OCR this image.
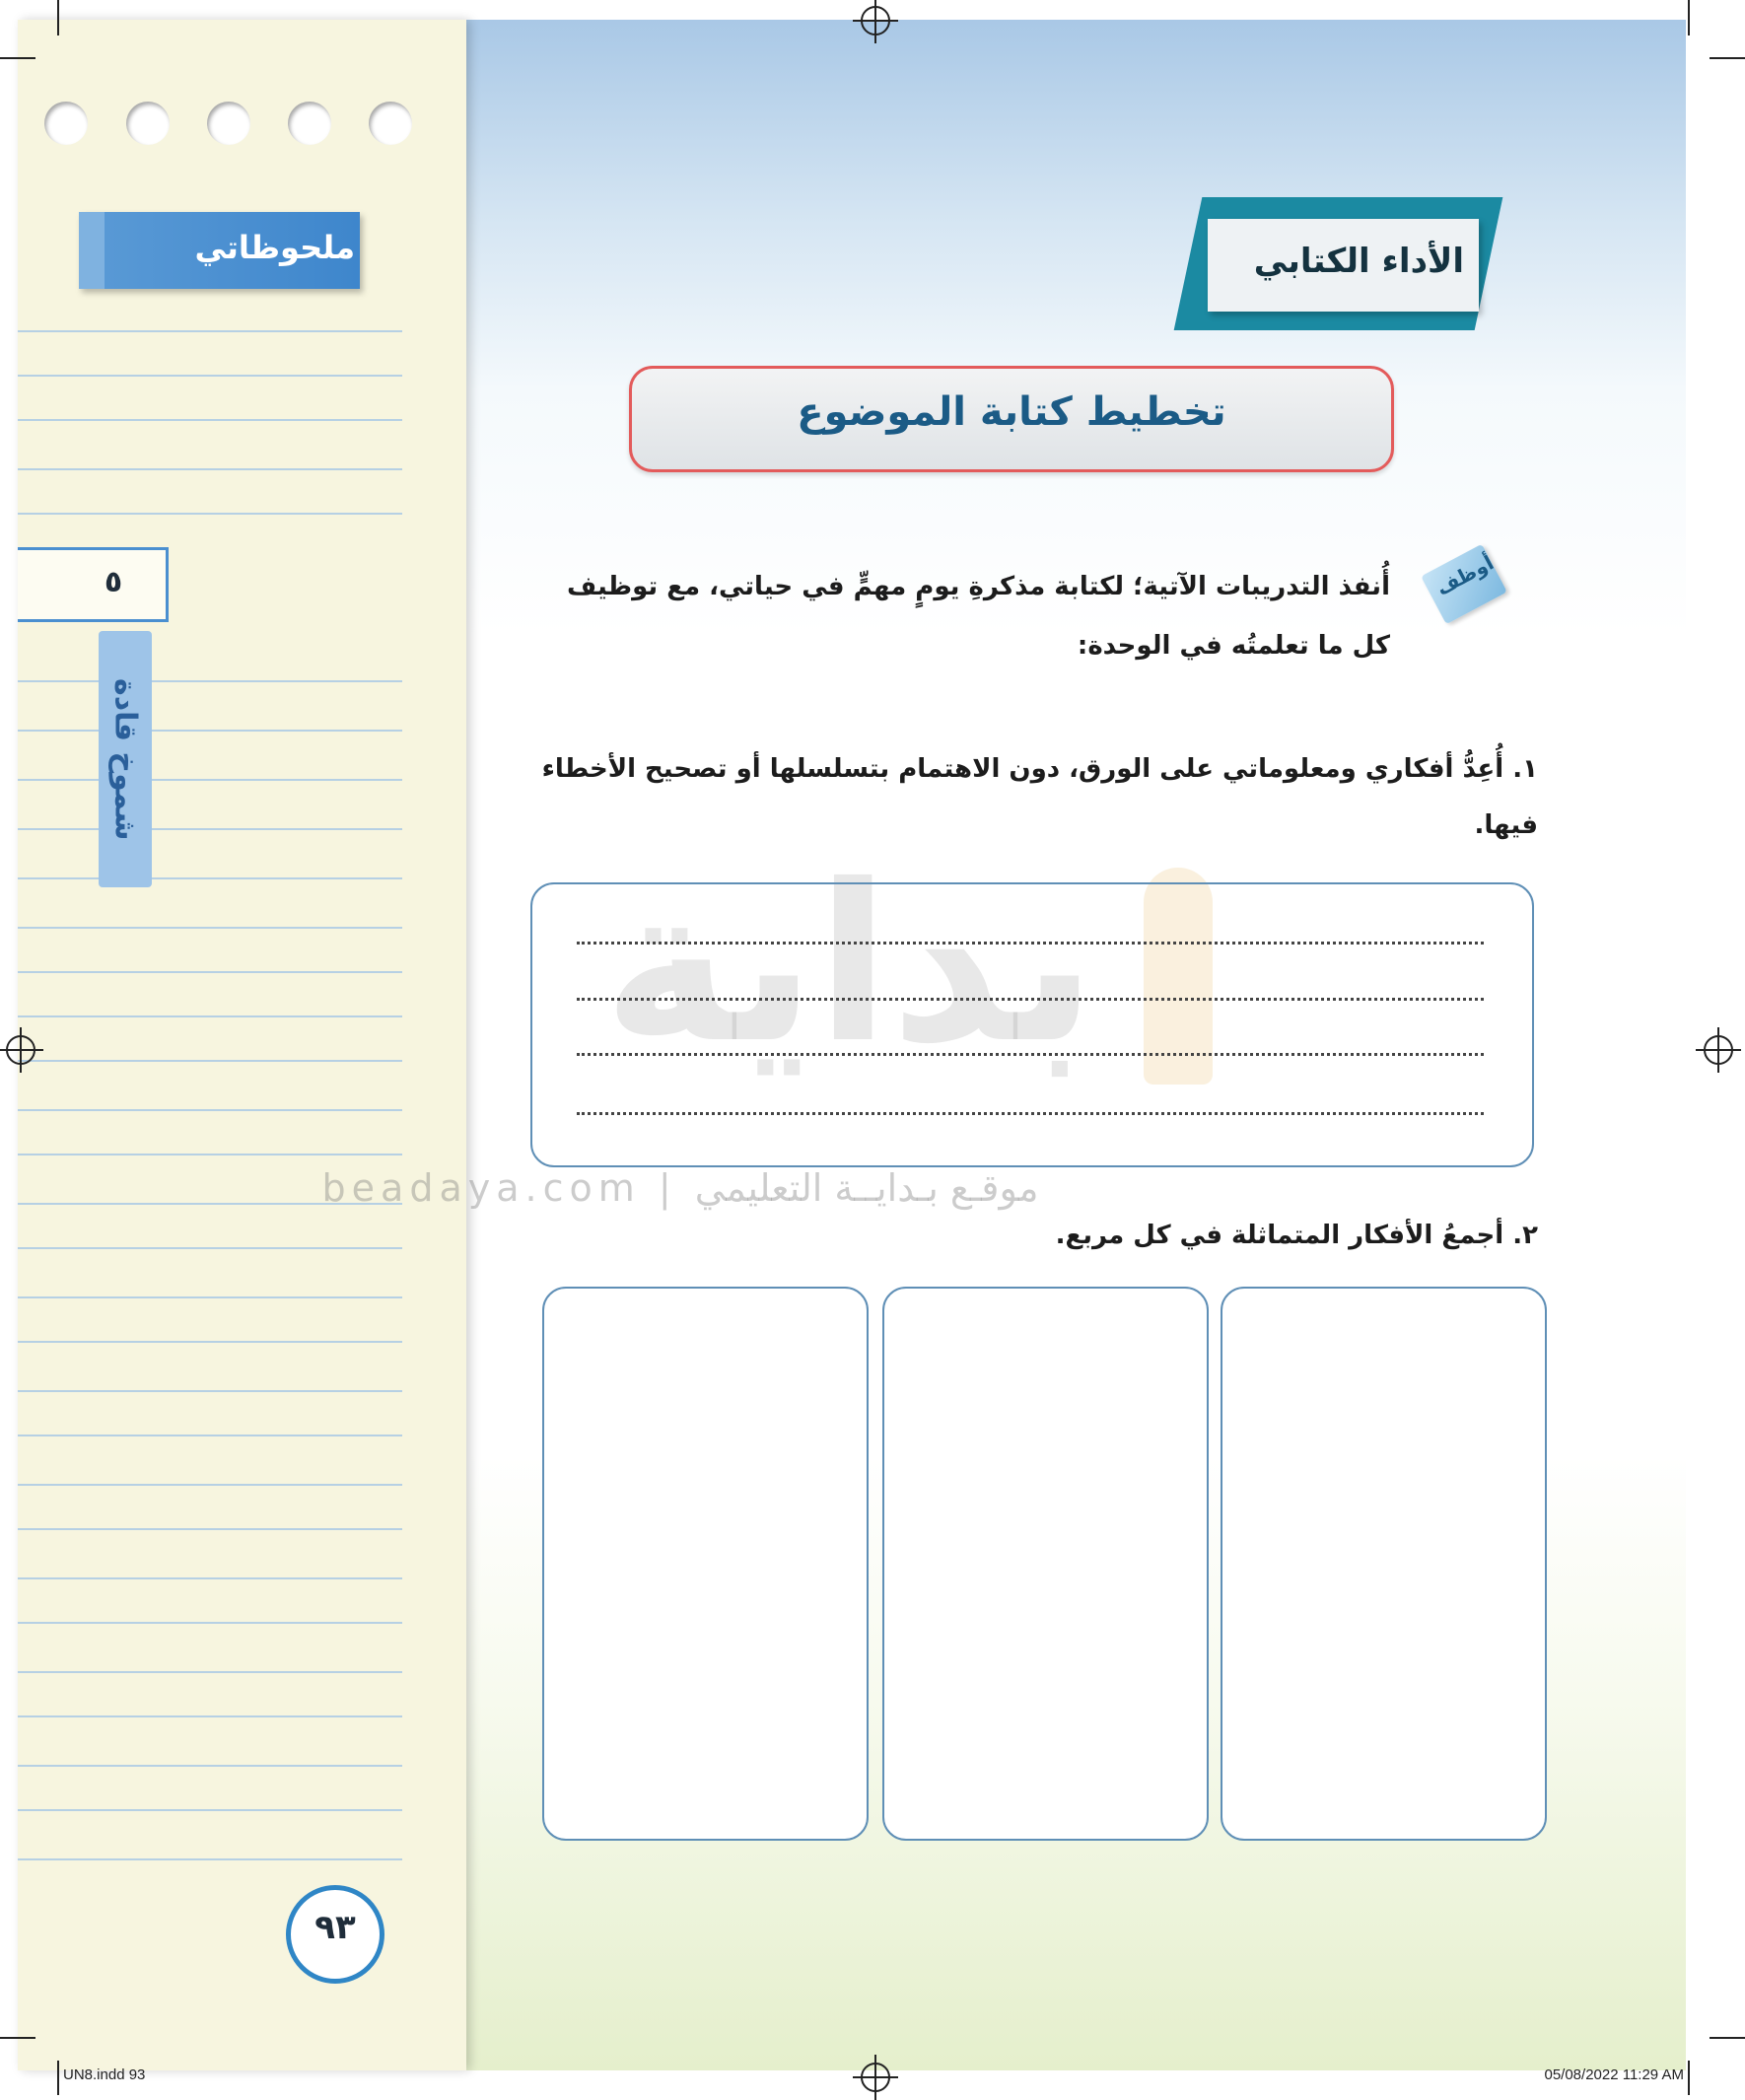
ملحوظاتي
٥
شموخ قادة
٩٣
الأداء الكتابي
تخطيط كتابة الموضوع
بداية
beadaya.com | موقـع بـدايــة التعليمي
أوظف
أُنفذ التدريبات الآتية؛ لكتابة مذكرةِ يومٍ مهمٍّ في حياتي، مع توظيف
كل ما تعلمتُه في الوحدة:
١. أُعِدُّ أفكاري ومعلوماتي على الورق، دون الاهتمام بتسلسلها أو تصحيح الأخطاء
فيها.
٢. أجمعُ الأفكار المتماثلة في كل مربع.
UN8.indd 93	05/08/2022 11:29 AM
